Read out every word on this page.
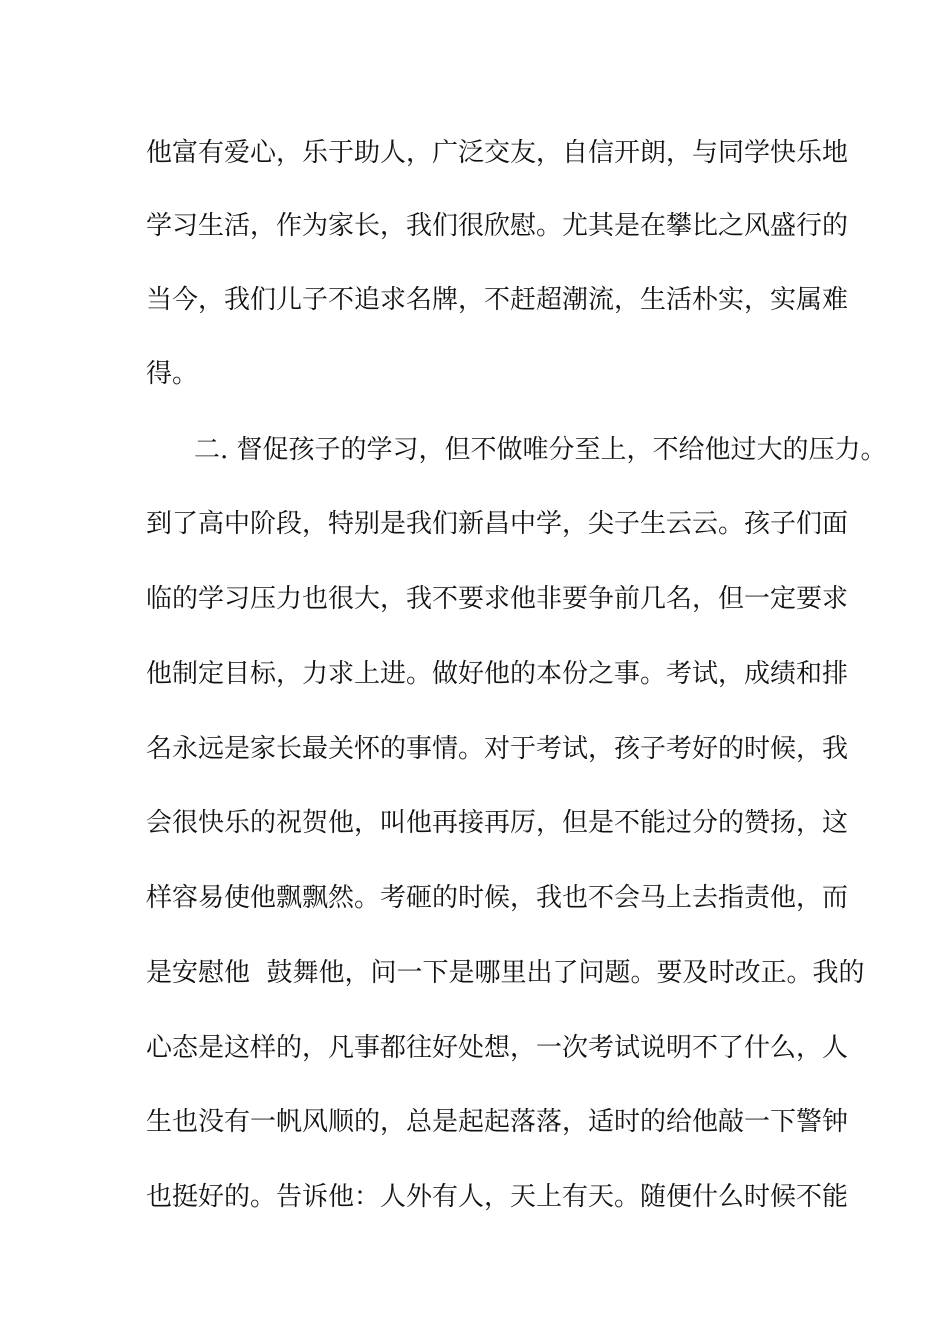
他富有爱心，乐于助人，广泛交友，自信开朗，与同学快乐地

学习生活，作为家长，我们很欣慰。尤其是在攀比之风盛行的

当今，我们儿子不追求名牌，不赶超潮流，生活朴实，实属难

得。

二. 督促孩子的学习，但不做唯分至上，不给他过大的压力。

到了高中阶段，特别是我们新昌中学，尖子生云云。孩子们面

临的学习压力也很大，我不要求他非要争前几名，但一定要求

他制定目标，力求上进。做好他的本份之事。考试，成绩和排

名永远是家长最关怀的事情。对于考试，孩子考好的时候，我

会很快乐的祝贺他，叫他再接再厉，但是不能过分的赞扬，这

样容易使他飘飘然。考砸的时候，我也不会马上去指责他，而

是安慰他  鼓舞他，问一下是哪里出了问题。要及时改正。我的

心态是这样的，凡事都往好处想，一次考试说明不了什么，人

生也没有一帆风顺的，总是起起落落，适时的给他敲一下警钟

也挺好的。告诉他：人外有人，天上有天。随便什么时候不能
